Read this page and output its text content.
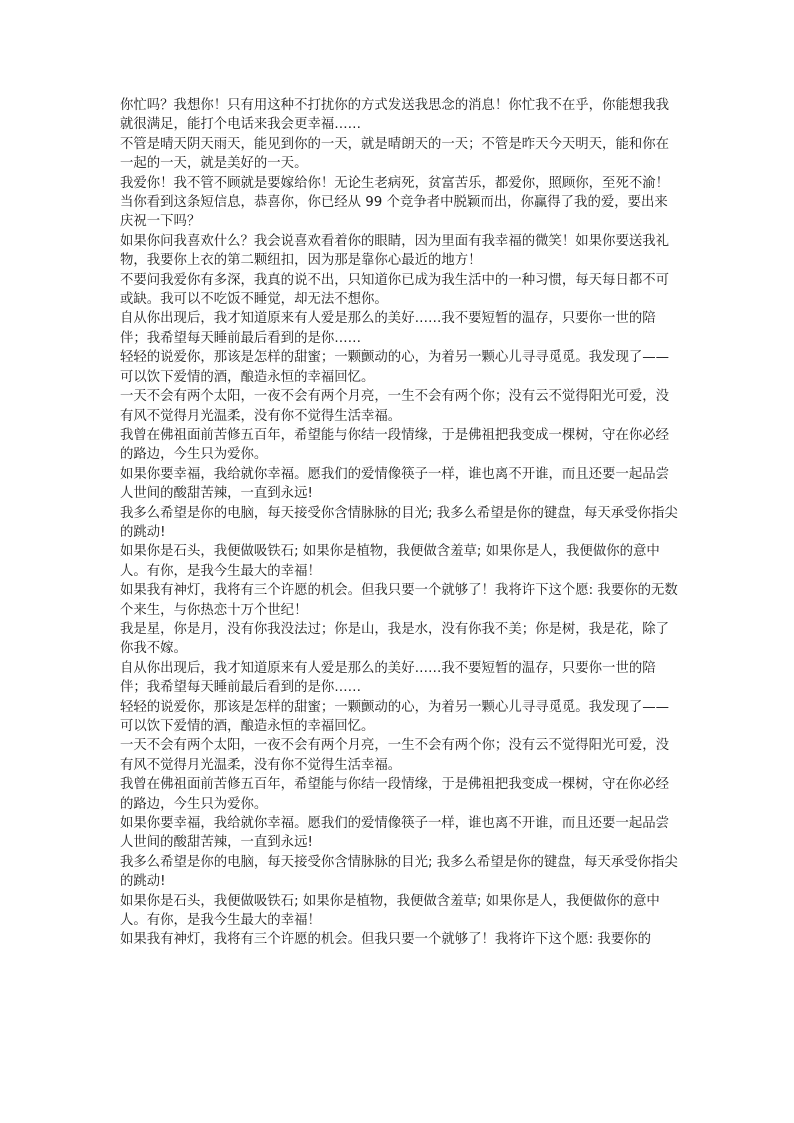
你忙吗？我想你！只有用这种不打扰你的方式发送我思念的消息！你忙我不在乎，你能想我我就很满足，能打个电话来我会更幸福……

不管是晴天阴天雨天，能见到你的一天，就是晴朗天的一天；不管是昨天今天明天，能和你在一起的一天，就是美好的一天。

我爱你！我不管不顾就是要嫁给你！无论生老病死，贫富苦乐，都爱你，照顾你，至死不渝！

当你看到这条短信息，恭喜你，你已经从 99 个竞争者中脱颖而出，你赢得了我的爱，要出来庆祝一下吗？

如果你问我喜欢什么？我会说喜欢看着你的眼睛，因为里面有我幸福的微笑！如果你要送我礼物，我要你上衣的第二颗纽扣，因为那是靠你心最近的地方！

不要问我爱你有多深，我真的说不出，只知道你已成为我生活中的一种习惯，每天每日都不可或缺。我可以不吃饭不睡觉，却无法不想你。

自从你出现后，我才知道原来有人爱是那么的美好……我不要短暂的温存，只要你一世的陪伴；我希望每天睡前最后看到的是你……

轻轻的说爱你，那该是怎样的甜蜜；一颗颤动的心，为着另一颗心儿寻寻觅觅。我发现了——可以饮下爱情的酒，酿造永恒的幸福回忆。

一天不会有两个太阳，一夜不会有两个月亮，一生不会有两个你；没有云不觉得阳光可爱，没有风不觉得月光温柔，没有你不觉得生活幸福。

我曾在佛祖面前苦修五百年，希望能与你结一段情缘，于是佛祖把我变成一棵树，守在你必经的路边，今生只为爱你。

如果你要幸福，我给就你幸福。愿我们的爱情像筷子一样，谁也离不开谁，而且还要一起品尝人世间的酸甜苦辣，一直到永远!

我多么希望是你的电脑，每天接受你含情脉脉的目光; 我多么希望是你的键盘，每天承受你指尖的跳动!

如果你是石头，我便做吸铁石; 如果你是植物，我便做含羞草; 如果你是人，我便做你的意中人。有你，是我今生最大的幸福！

如果我有神灯，我将有三个许愿的机会。但我只要一个就够了！我将许下这个愿: 我要你的无数个来生，与你热恋十万个世纪！

我是星，你是月，没有你我没法过；你是山，我是水，没有你我不美；你是树，我是花，除了你我不嫁。

自从你出现后，我才知道原来有人爱是那么的美好……我不要短暂的温存，只要你一世的陪伴；我希望每天睡前最后看到的是你……

轻轻的说爱你，那该是怎样的甜蜜；一颗颤动的心，为着另一颗心儿寻寻觅觅。我发现了——可以饮下爱情的酒，酿造永恒的幸福回忆。

一天不会有两个太阳，一夜不会有两个月亮，一生不会有两个你；没有云不觉得阳光可爱，没有风不觉得月光温柔，没有你不觉得生活幸福。

我曾在佛祖面前苦修五百年，希望能与你结一段情缘，于是佛祖把我变成一棵树，守在你必经的路边，今生只为爱你。

如果你要幸福，我给就你幸福。愿我们的爱情像筷子一样，谁也离不开谁，而且还要一起品尝人世间的酸甜苦辣，一直到永远!

我多么希望是你的电脑，每天接受你含情脉脉的目光; 我多么希望是你的键盘，每天承受你指尖的跳动!

如果你是石头，我便做吸铁石; 如果你是植物，我便做含羞草; 如果你是人，我便做你的意中人。有你，是我今生最大的幸福！

如果我有神灯，我将有三个许愿的机会。但我只要一个就够了！我将许下这个愿: 我要你的
